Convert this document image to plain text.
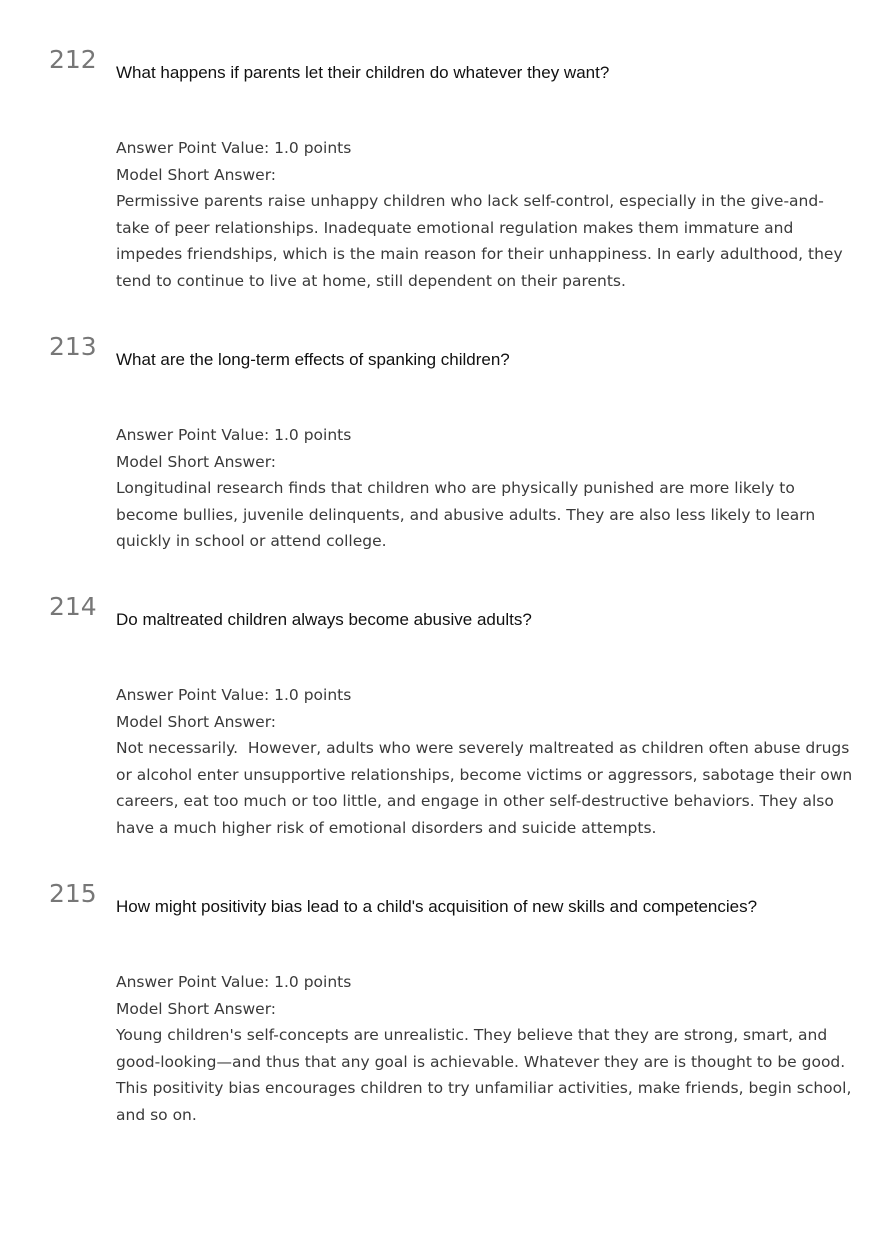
212 What happens if parents let their children do whatever they want?
Answer Point Value: 1.0 points
Model Short Answer:
Permissive parents raise unhappy children who lack self-control, especially in the give-and-take of peer relationships. Inadequate emotional regulation makes them immature and impedes friendships, which is the main reason for their unhappiness. In early adulthood, they tend to continue to live at home, still dependent on their parents.
213 What are the long-term effects of spanking children?
Answer Point Value: 1.0 points
Model Short Answer:
Longitudinal research finds that children who are physically punished are more likely to become bullies, juvenile delinquents, and abusive adults. They are also less likely to learn quickly in school or attend college.
214 Do maltreated children always become abusive adults?
Answer Point Value: 1.0 points
Model Short Answer:
Not necessarily.  However, adults who were severely maltreated as children often abuse drugs or alcohol enter unsupportive relationships, become victims or aggressors, sabotage their own careers, eat too much or too little, and engage in other self-destructive behaviors. They also have a much higher risk of emotional disorders and suicide attempts.
215 How might positivity bias lead to a child's acquisition of new skills and competencies?
Answer Point Value: 1.0 points
Model Short Answer:
Young children's self-concepts are unrealistic. They believe that they are strong, smart, and good-looking—and thus that any goal is achievable. Whatever they are is thought to be good. This positivity bias encourages children to try unfamiliar activities, make friends, begin school, and so on.
